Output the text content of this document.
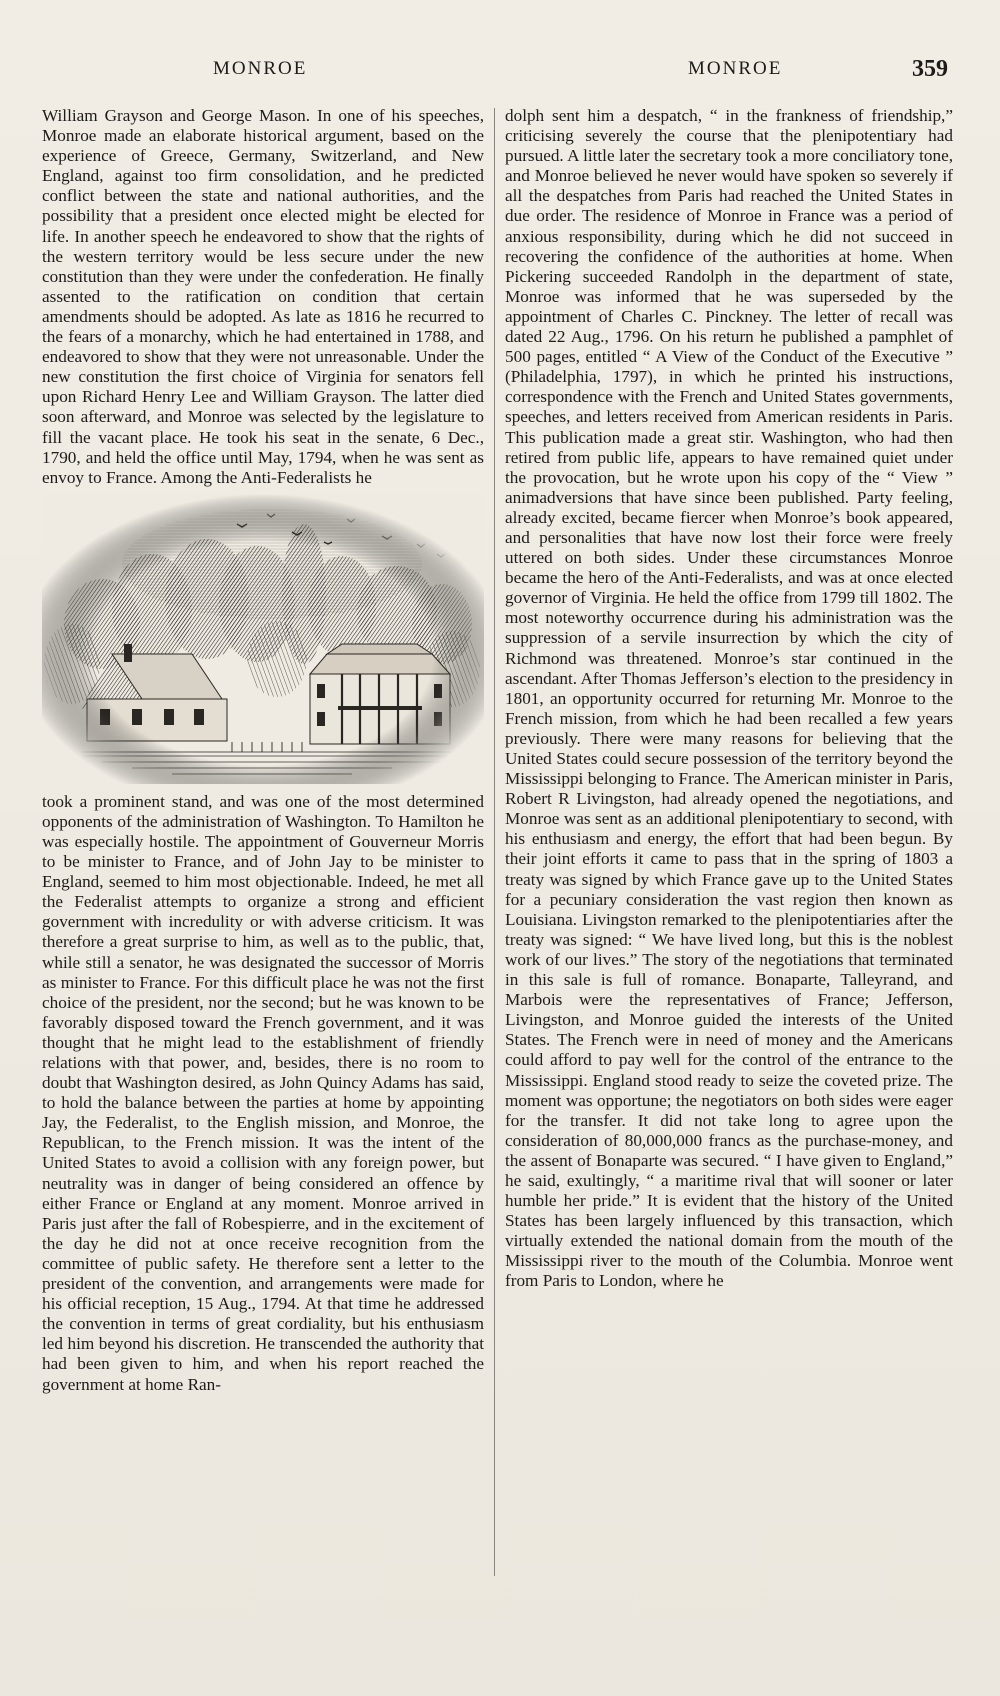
MONROE	MONROE	359

William Grayson and George Mason. In one of his speeches, Monroe made an elaborate historical argument, based on the experience of Greece, Germany, Switzerland, and New England, against too firm consolidation, and he predicted conflict between the state and national authorities, and the possibility that a president once elected might be elected for life. In another speech he endeavored to show that the rights of the western territory would be less secure under the new constitution than they were under the confederation. He finally assented to the ratification on condition that certain amendments should be adopted. As late as 1816 he recurred to the fears of a monarchy, which he had entertained in 1788, and endeavored to show that they were not unreasonable. Under the new constitution the first choice of Virginia for senators fell upon Richard Henry Lee and William Grayson. The latter died soon afterward, and Monroe was selected by the legislature to fill the vacant place. He took his seat in the senate, 6 Dec., 1790, and held the office until May, 1794, when he was sent as envoy to France. Among the Anti-Federalists he

took a prominent stand, and was one of the most determined opponents of the administration of Washington. To Hamilton he was especially hostile. The appointment of Gouverneur Morris to be minister to France, and of John Jay to be minister to England, seemed to him most objectionable. Indeed, he met all the Federalist attempts to organize a strong and efficient government with incredulity or with adverse criticism. It was therefore a great surprise to him, as well as to the public, that, while still a senator, he was designated the successor of Morris as minister to France. For this difficult place he was not the first choice of the president, nor the second; but he was known to be favorably disposed toward the French government, and it was thought that he might lead to the establishment of friendly relations with that power, and, besides, there is no room to doubt that Washington desired, as John Quincy Adams has said, to hold the balance between the parties at home by appointing Jay, the Federalist, to the English mission, and Monroe, the Republican, to the French mission. It was the intent of the United States to avoid a collision with any foreign power, but neutrality was in danger of being considered an offence by either France or England at any moment. Monroe arrived in Paris just after the fall of Robespierre, and in the excitement of the day he did not at once receive recognition from the committee of public safety. He therefore sent a letter to the president of the convention, and arrangements were made for his official reception, 15 Aug., 1794. At that time he addressed the convention in terms of great cordiality, but his enthusiasm led him beyond his discretion. He transcended the authority that had been given to him, and when his report reached the government at home Ran-

dolph sent him a despatch, “ in the frankness of friendship,” criticising severely the course that the plenipotentiary had pursued. A little later the secretary took a more conciliatory tone, and Monroe believed he never would have spoken so severely if all the despatches from Paris had reached the United States in due order. The residence of Monroe in France was a period of anxious responsibility, during which he did not succeed in recovering the confidence of the authorities at home. When Pickering succeeded Randolph in the department of state, Monroe was informed that he was superseded by the appointment of Charles C. Pinckney. The letter of recall was dated 22 Aug., 1796. On his return he published a pamphlet of 500 pages, entitled “ A View of the Conduct of the Executive ” (Philadelphia, 1797), in which he printed his instructions, correspondence with the French and United States governments, speeches, and letters received from American residents in Paris. This publication made a great stir. Washington, who had then retired from public life, appears to have remained quiet under the provocation, but he wrote upon his copy of the “ View ” animadversions that have since been published. Party feeling, already excited, became fiercer when Monroe’s book appeared, and personalities that have now lost their force were freely uttered on both sides. Under these circumstances Monroe became the hero of the Anti-Federalists, and was at once elected governor of Virginia. He held the office from 1799 till 1802. The most noteworthy occurrence during his administration was the suppression of a servile insurrection by which the city of Richmond was threatened. Monroe’s star continued in the ascendant. After Thomas Jefferson’s election to the presidency in 1801, an opportunity occurred for returning Mr. Monroe to the French mission, from which he had been recalled a few years previously. There were many reasons for believing that the United States could secure possession of the territory beyond the Mississippi belonging to France. The American minister in Paris, Robert R Livingston, had already opened the negotiations, and Monroe was sent as an additional plenipotentiary to second, with his enthusiasm and energy, the effort that had been begun. By their joint efforts it came to pass that in the spring of 1803 a treaty was signed by which France gave up to the United States for a pecuniary consideration the vast region then known as Louisiana. Livingston remarked to the plenipotentiaries after the treaty was signed: “ We have lived long, but this is the noblest work of our lives.” The story of the negotiations that terminated in this sale is full of romance. Bonaparte, Talleyrand, and Marbois were the representatives of France; Jefferson, Livingston, and Monroe guided the interests of the United States. The French were in need of money and the Americans could afford to pay well for the control of the entrance to the Mississippi. England stood ready to seize the coveted prize. The moment was opportune; the negotiators on both sides were eager for the transfer. It did not take long to agree upon the consideration of 80,000,000 francs as the purchase-money, and the assent of Bonaparte was secured. “ I have given to England,” he said, exultingly, “ a maritime rival that will sooner or later humble her pride.” It is evident that the history of the United States has been largely influenced by this transaction, which virtually extended the national domain from the mouth of the Mississippi river to the mouth of the Columbia. Monroe went from Paris to London, where he
